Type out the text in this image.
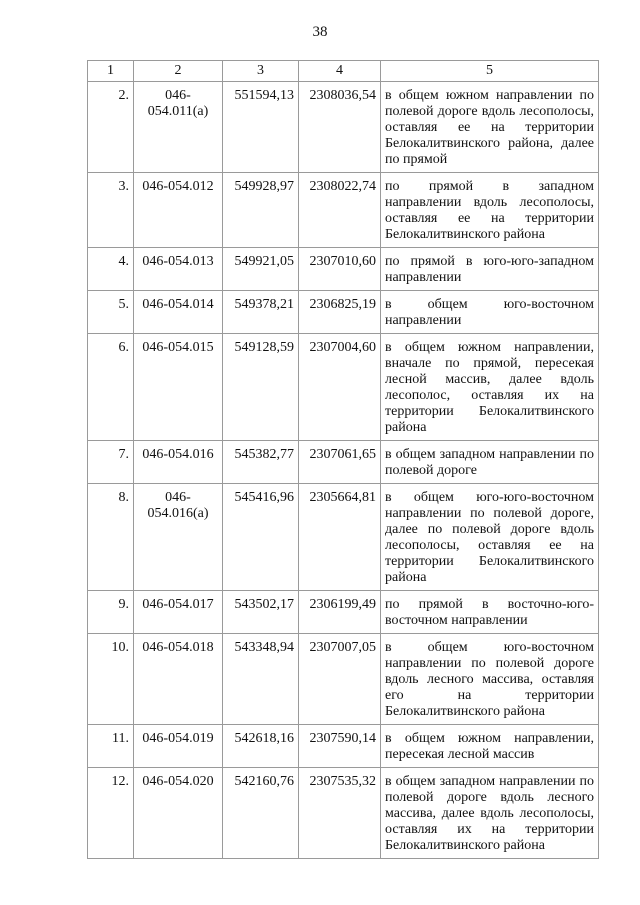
38
1	2	3	4	5
2.	046-054.011(а)	551594,13	2308036,54	в общем южном направлении по полевой дороге вдоль лесополосы, оставляя ее на территории Белокалитвинского района, далее по прямой
3.	046-054.012	549928,97	2308022,74	по прямой в западном направлении вдоль лесополосы, оставляя ее на территории Белокалитвинского района
4.	046-054.013	549921,05	2307010,60	по прямой в юго-юго-западном направлении
5.	046-054.014	549378,21	2306825,19	в общем юго-восточном направлении
6.	046-054.015	549128,59	2307004,60	в общем южном направлении, вначале по прямой, пересекая лесной массив, далее вдоль лесополос, оставляя их на территории Белокалитвинского района
7.	046-054.016	545382,77	2307061,65	в общем западном направлении по полевой дороге
8.	046-054.016(а)	545416,96	2305664,81	в общем юго-юго-восточном направлении по полевой дороге, далее по полевой дороге вдоль лесополосы, оставляя ее на территории Белокалитвинского района
9.	046-054.017	543502,17	2306199,49	по прямой в восточно-юго-восточном направлении
10.	046-054.018	543348,94	2307007,05	в общем юго-восточном направлении по полевой дороге вдоль лесного массива, оставляя его на территории Белокалитвинского района
11.	046-054.019	542618,16	2307590,14	в общем южном направлении, пересекая лесной массив
12.	046-054.020	542160,76	2307535,32	в общем западном направлении по полевой дороге вдоль лесного массива, далее вдоль лесополосы, оставляя их на территории Белокалитвинского района
